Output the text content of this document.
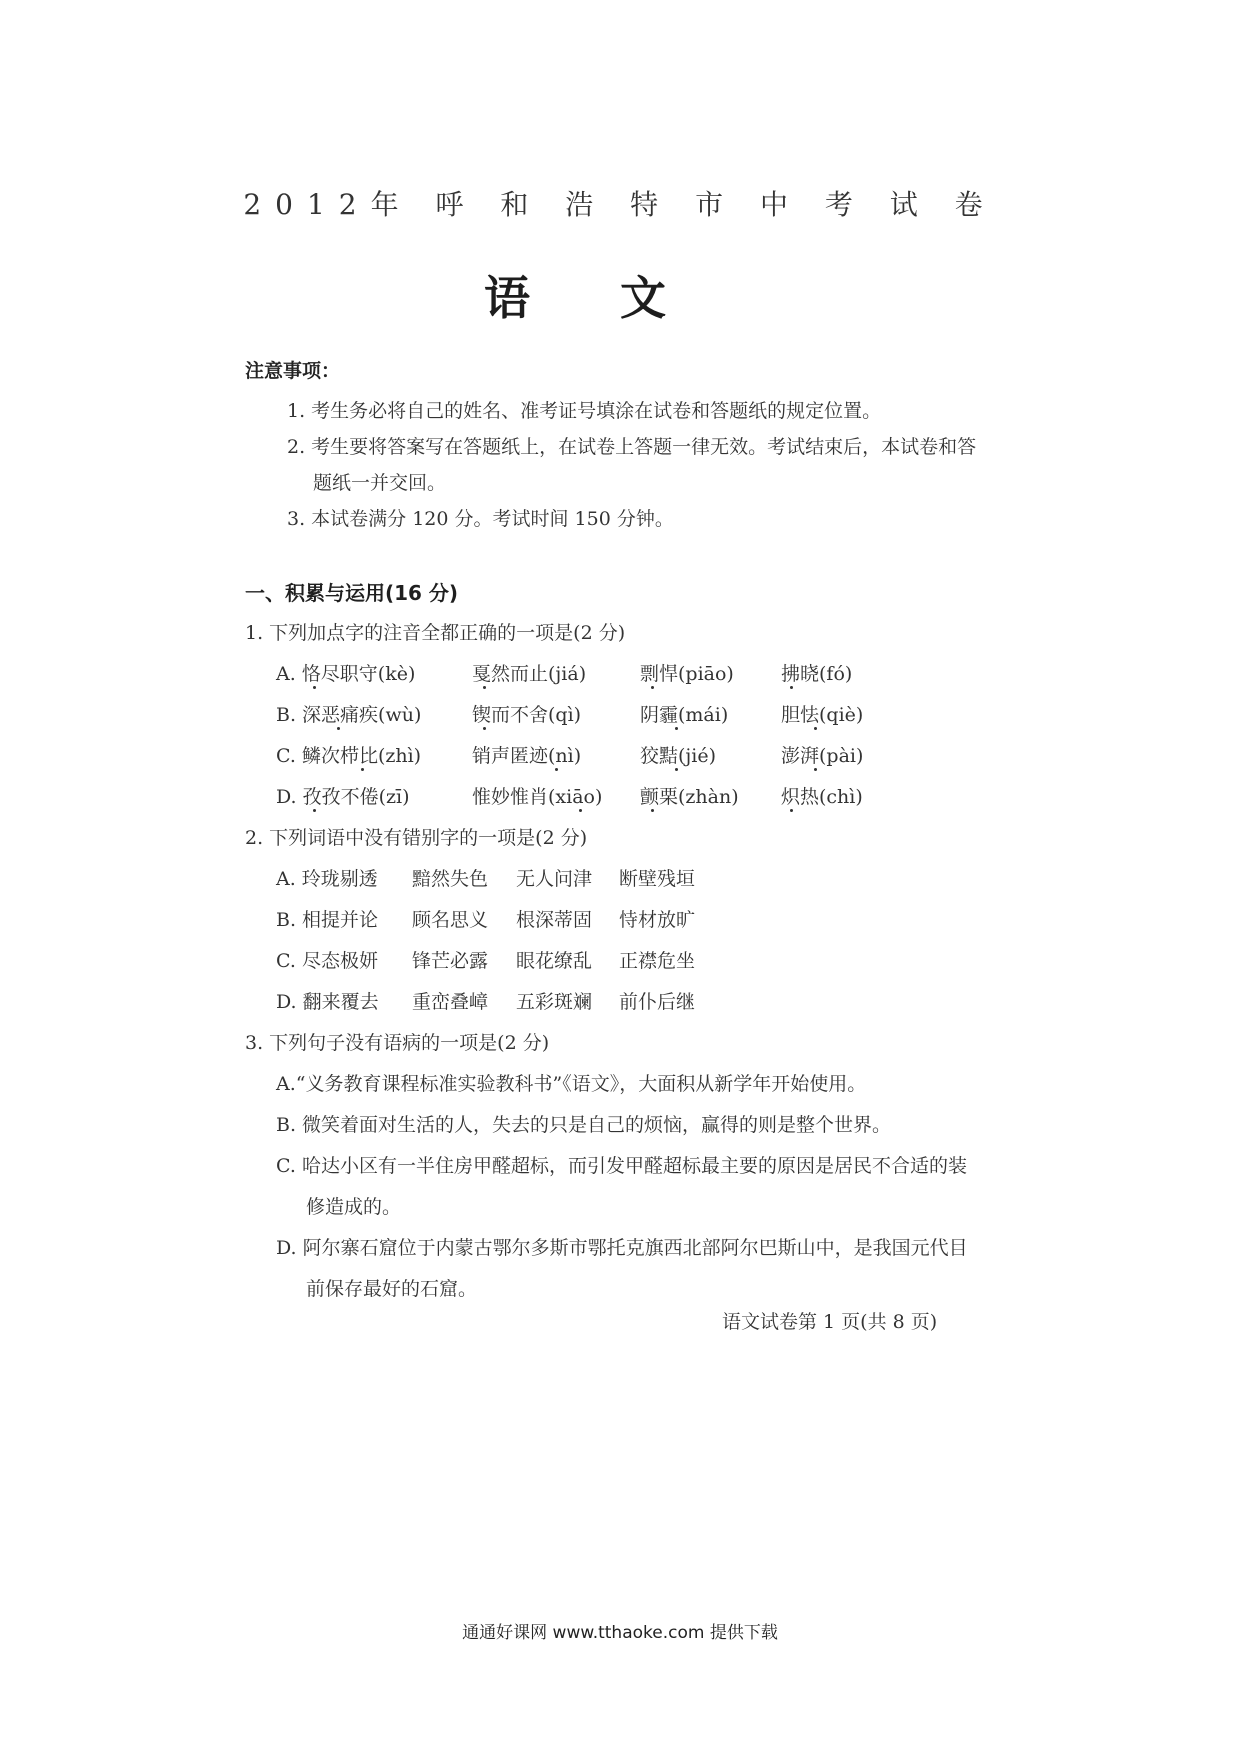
2012年 呼 和 浩 特 市 中 考 试 卷
语文
注意事项：
1. 考生务必将自己的姓名、准考证号填涂在试卷和答题纸的规定位置。
2. 考生要将答案写在答题纸上，在试卷上答题一律无效。考试结束后，本试卷和答
题纸一并交回。
3. 本试卷满分 120 分。考试时间 150 分钟。
一、积累与运用(16 分)
1. 下列加点字的注音全都正确的一项是(2 分)
A. 恪尽职守(kè)	戛然而止(jiá)	剽悍(piāo) 拂晓(fó)
B. 深恶痛疾(wù)	锲而不舍(qì)	阴霾(mái)	胆怯(qiè)
C. 鳞次栉比(zhì)	销声匿迹(nì)	狡黠(jié)	澎湃(pài)
D. 孜孜不倦(zī)	惟妙惟肖(xiāo) 颤栗(zhàn) 炽热(chì)
2. 下列词语中没有错别字的一项是(2 分)
A. 玲珑剔透 黯然失色 无人问津 断壁残垣
B. 相提并论 顾名思义 根深蒂固 恃材放旷
C. 尽态极妍 锋芒必露 眼花缭乱 正襟危坐
D. 翻来覆去 重峦叠嶂 五彩斑斓 前仆后继
3. 下列句子没有语病的一项是(2 分)
A.“义务教育课程标准实验教科书”《语文》，大面积从新学年开始使用。
B. 微笑着面对生活的人，失去的只是自己的烦恼，赢得的则是整个世界。
C. 哈达小区有一半住房甲醛超标，而引发甲醛超标最主要的原因是居民不合适的装
修造成的。
D. 阿尔寨石窟位于内蒙古鄂尔多斯市鄂托克旗西北部阿尔巴斯山中，是我国元代目
前保存最好的石窟。
语文试卷第 1 页(共 8 页)
通通好课网 www.tthaoke.com 提供下载
